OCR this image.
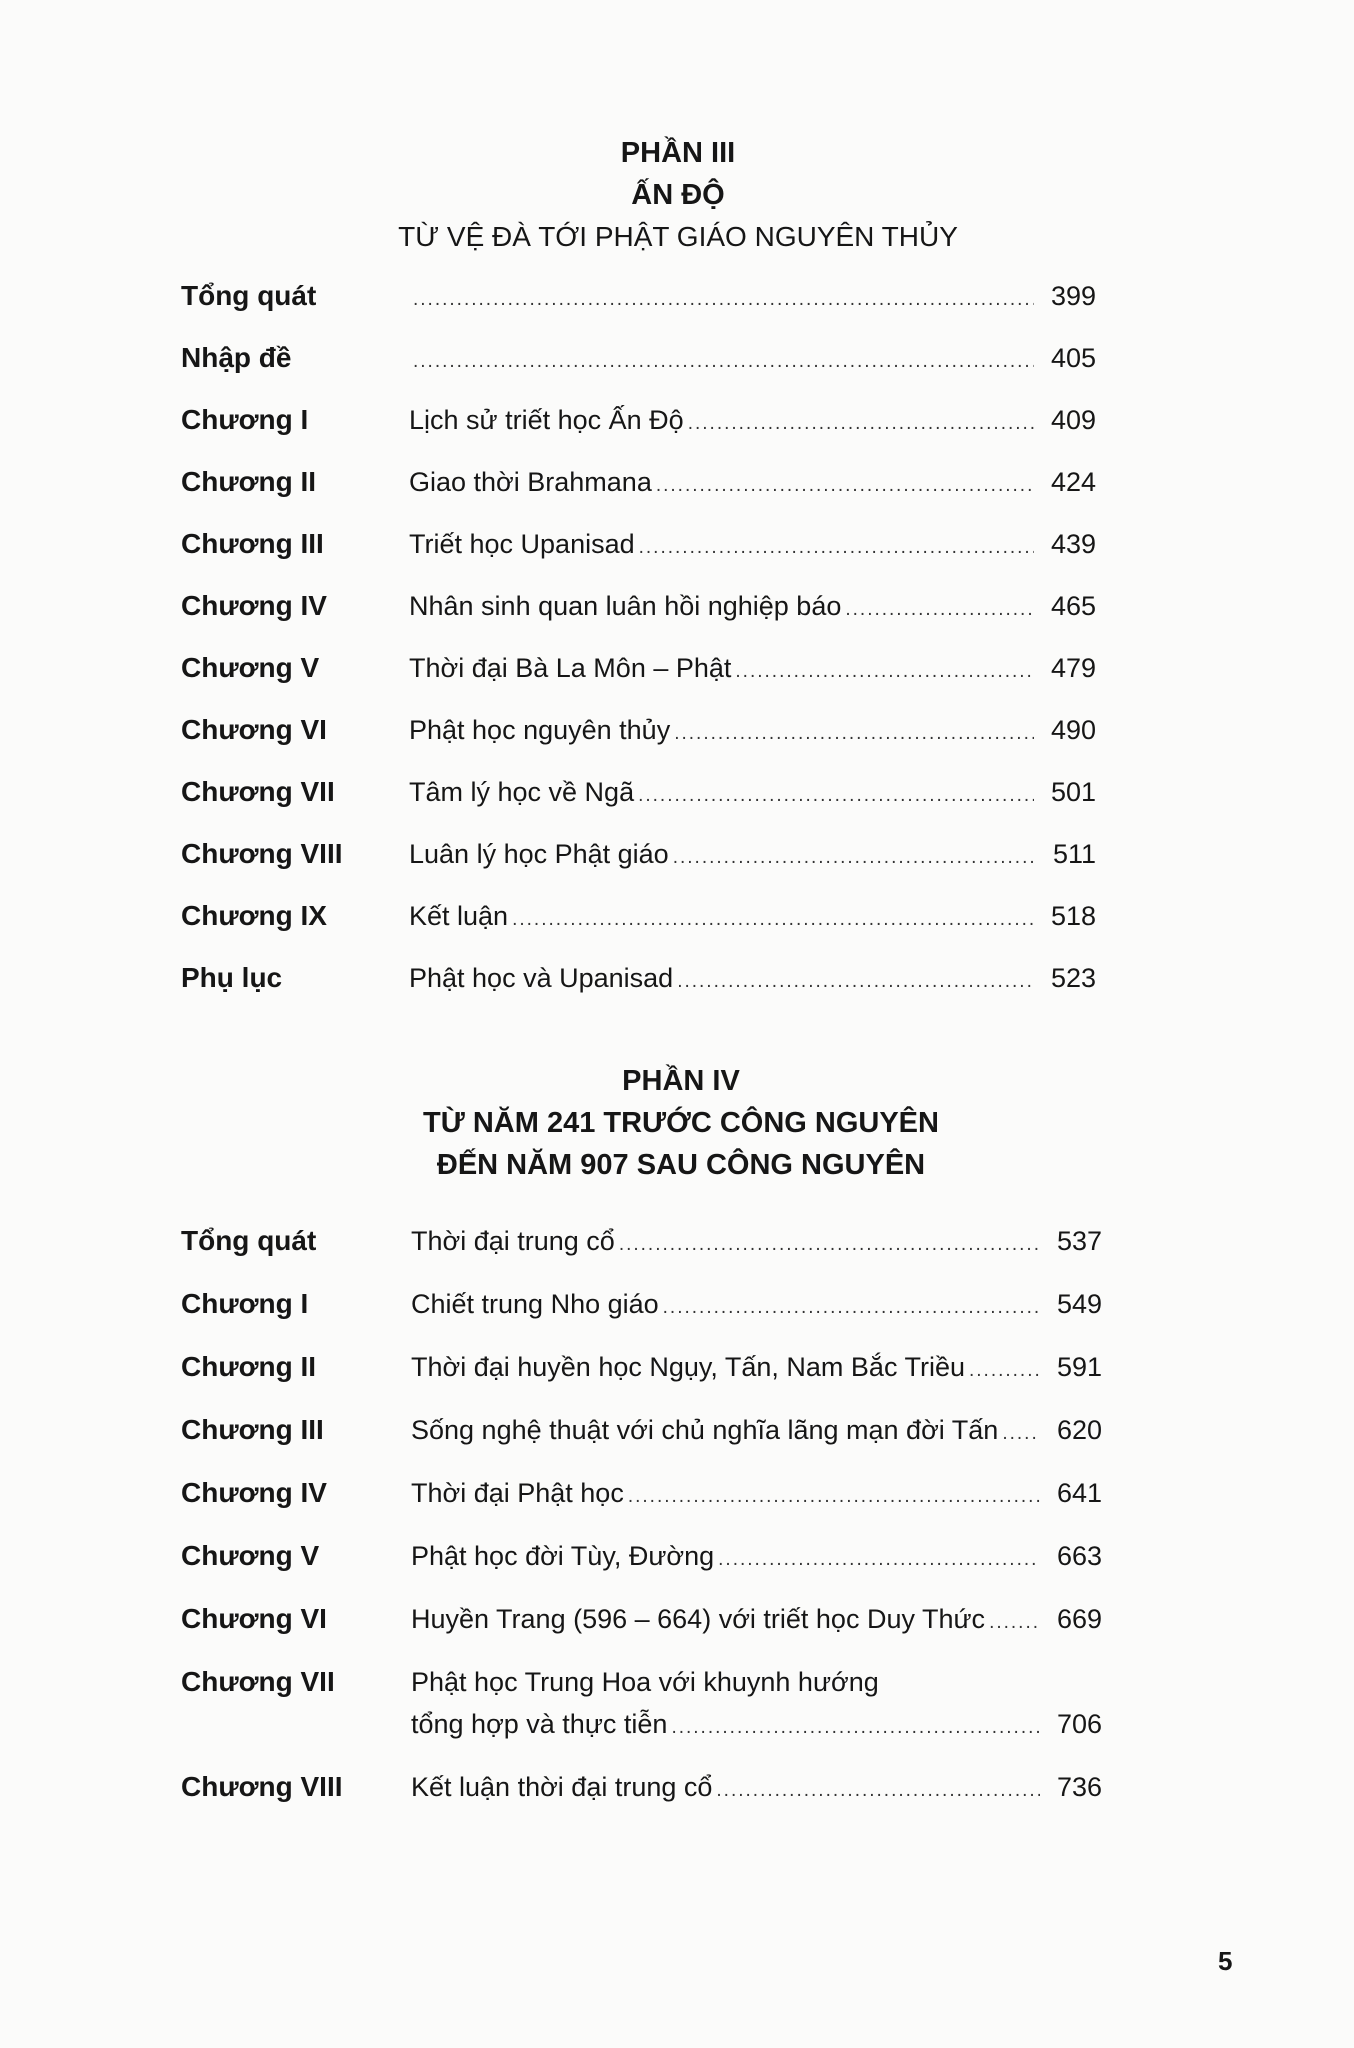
PHẦN III
ẤN ĐỘ
TỪ VỆ ĐÀ TỚI PHẬT GIÁO NGUYÊN THỦY
Tổng quát .....	399
Nhập đề .....	405
Chương I	Lịch sử triết học Ấn Độ .....	409
Chương II	Giao thời Brahmana .....	424
Chương III	Triết học Upanisad .....	439
Chương IV	Nhân sinh quan luân hồi nghiệp báo .....	465
Chương V	Thời đại Bà La Môn – Phật .....	479
Chương VI	Phật học nguyên thủy .....	490
Chương VII	Tâm lý học về Ngã .....	501
Chương VIII Luân lý học Phật giáo .....	511
Chương IX	Kết luận .....	518
Phụ lục	Phật học và Upanisad .....	523
PHẦN IV
TỪ NĂM 241 TRƯỚC CÔNG NGUYÊN
ĐẾN NĂM 907 SAU CÔNG NGUYÊN
Tổng quát	Thời đại trung cổ .....	537
Chương I	Chiết trung Nho giáo .....	549
Chương II	Thời đại huyền học Ngụy, Tấn, Nam Bắc Triều .....	591
Chương III	Sống nghệ thuật với chủ nghĩa lãng mạn đời Tấn .....	620
Chương IV	Thời đại Phật học .....	641
Chương V	Phật học đời Tùy, Đường .....	663
Chương VI	Huyền Trang (596 – 664) với triết học Duy Thức .....	669
Chương VII	Phật học Trung Hoa với khuynh hướng
tổng hợp và thực tiễn .....	706
Chương VIII	Kết luận thời đại trung cổ .....	736
5
